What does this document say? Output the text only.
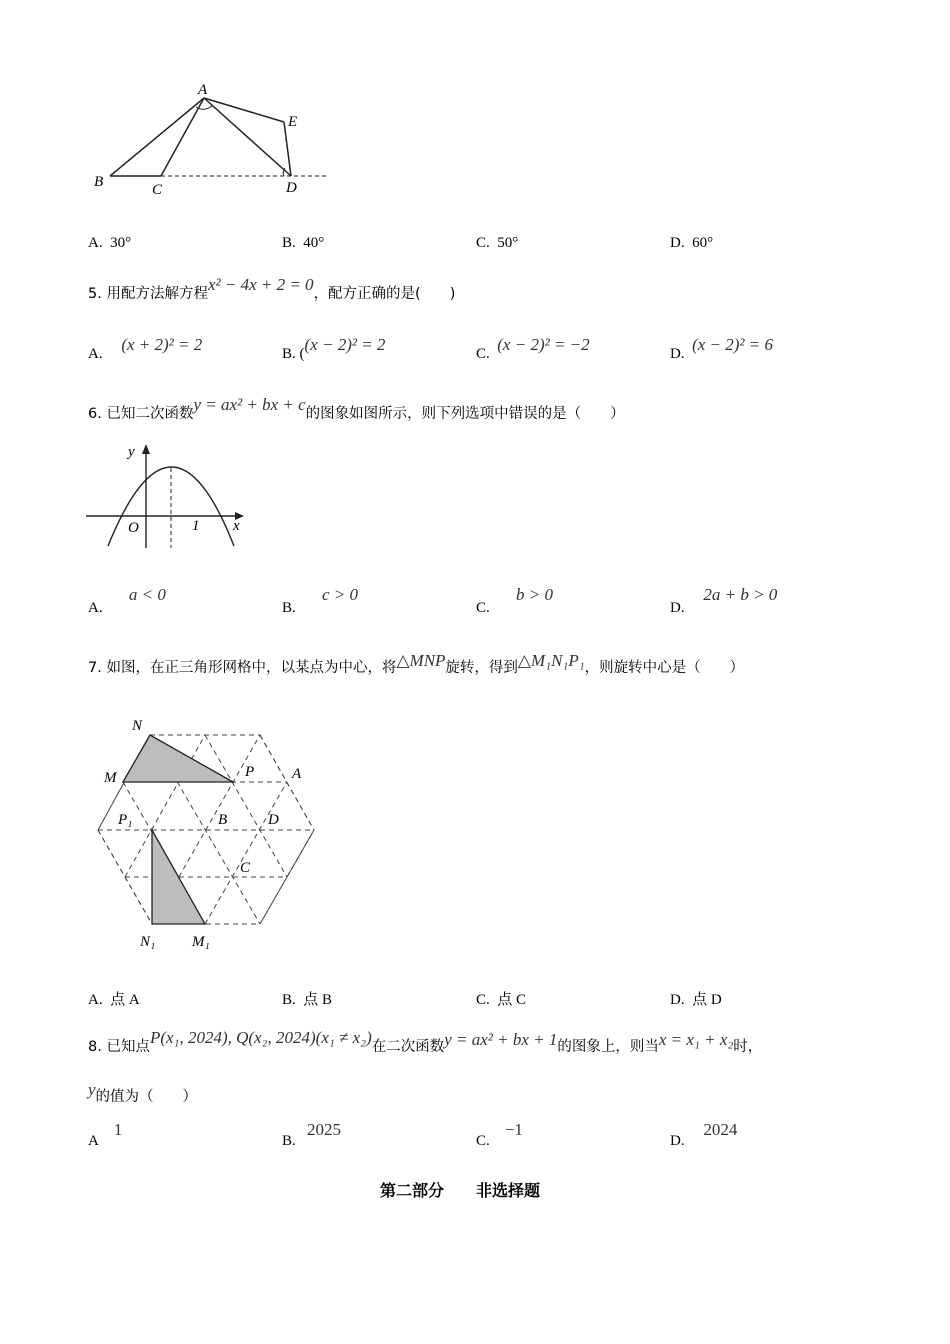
A
E
B	C	D
A. 30°	B. 40°	C. 50°	D. 60°
5. 用配方法解方程x² − 4x + 2 = 0，配方正确的是(　　)
A. (x + 2)² = 2	B. ((x − 2)² = 2	C. (x − 2)² = −2	D. (x − 2)² = 6
6. 已知二次函数y = ax² + bx + c的图象如图所示，则下列选项中错误的是（　　）
y
x
O	1
A.       a < 0
B.       c > 0
C.       b > 0
D.     2a + b > 0
7. 如图，在正三角形网格中，以某点为中心，将△MNP旋转，得到△M₁N₁P₁，则旋转中心是（　　）
N
M	P	A
P₁	B	D
C
N₁ M₁
A. 点 A	B. 点 B	C. 点 C	D. 点 D
8. 已知点P(x₁, 2024), Q(x₂, 2024)(x₁ ≠ x₂)在二次函数y = ax² + bx + 1的图象上，则当x = x₁ + x₂时，
y的值为（　　）
A    1
B.   2025
C.    −1
D.     2024
第二部分　　非选择题
